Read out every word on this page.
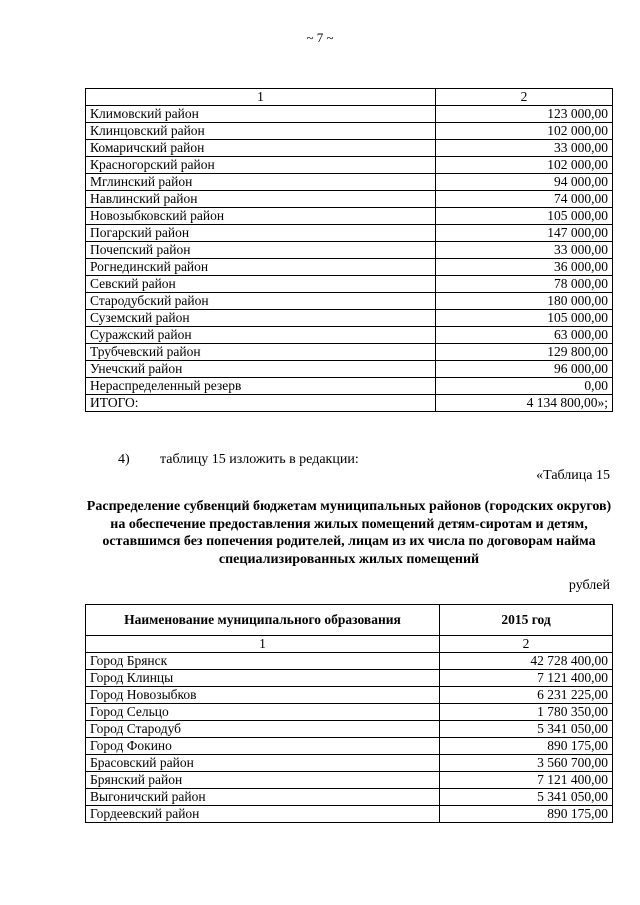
~ 7 ~
1	2
Климовский район	123 000,00
Клинцовский район	102 000,00
Комаричский район	33 000,00
Красногорский район	102 000,00
Мглинский район	94 000,00
Навлинский район	74 000,00
Новозыбковский район	105 000,00
Погарский район	147 000,00
Почепский район	33 000,00
Рогнединский район	36 000,00
Севский район	78 000,00
Стародубский район	180 000,00
Суземский район	105 000,00
Суражский район	63 000,00
Трубчевский район	129 800,00
Унечский район	96 000,00
Нераспределенный резерв	0,00
ИТОГО:	4 134 800,00»;
4) таблицу 15 изложить в редакции:
«Таблица 15
Распределение субвенций бюджетам муниципальных районов (городских округов) на обеспечение предоставления жилых помещений детям-сиротам и детям, оставшимся без попечения родителей, лицам из их числа по договорам найма специализированных жилых помещений
рублей
Наименование муниципального образования	2015 год
1	2
Город Брянск	42 728 400,00
Город Клинцы	7 121 400,00
Город Новозыбков	6 231 225,00
Город Сельцо	1 780 350,00
Город Стародуб	5 341 050,00
Город Фокино	890 175,00
Брасовский район	3 560 700,00
Брянский район	7 121 400,00
Выгоничский район	5 341 050,00
Гордеевский район	890 175,00
